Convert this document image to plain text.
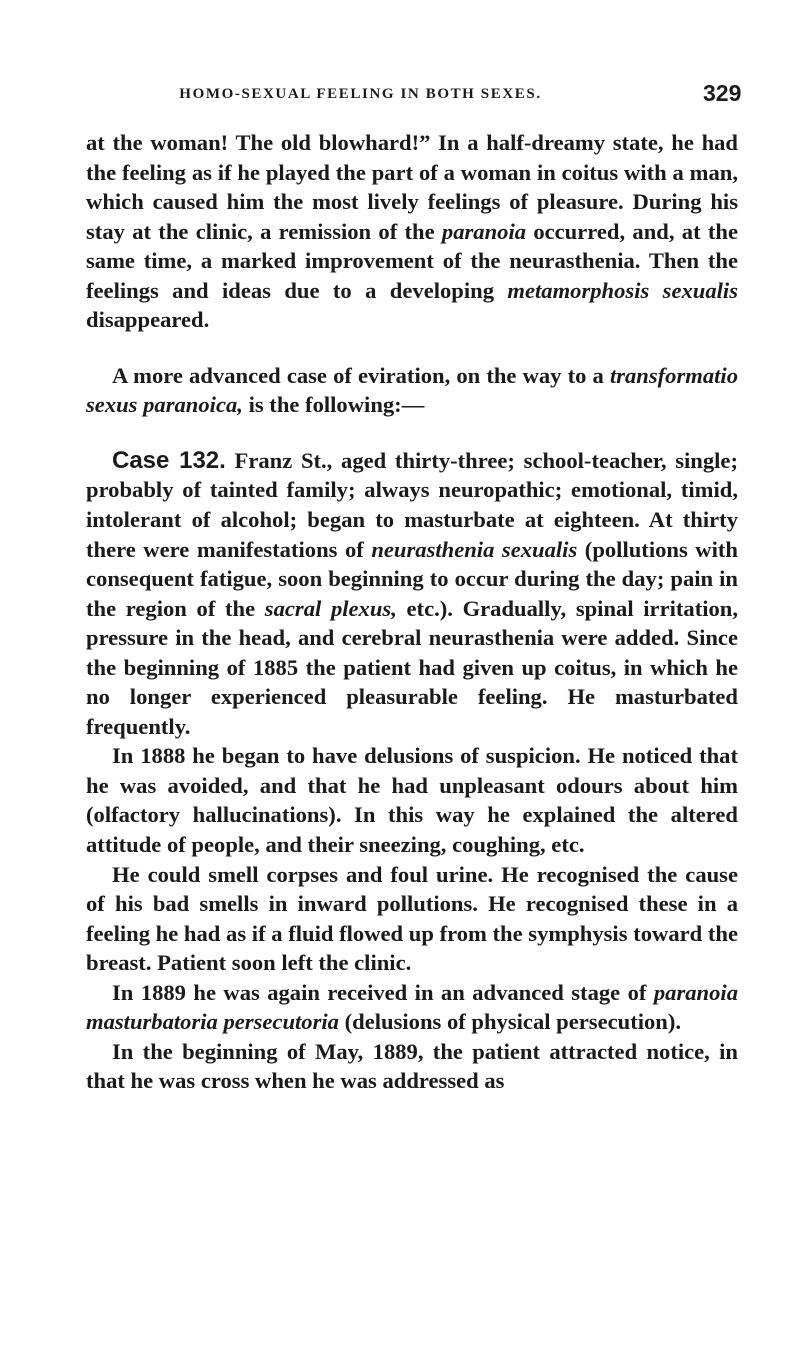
HOMO-SEXUAL FEELING IN BOTH SEXES.	329

at the woman! The old blowhard!” In a half-dreamy state, he had the feeling as if he played the part of a woman in coitus with a man, which caused him the most lively feelings of pleasure. During his stay at the clinic, a remission of the paranoia occurred, and, at the same time, a marked improvement of the neurasthenia. Then the feelings and ideas due to a developing metamorphosis sexualis disappeared.

A more advanced case of eviration, on the way to a transformatio sexus paranoica, is the following:—

Case 132. Franz St., aged thirty-three; school-teacher, single; probably of tainted family; always neuropathic; emotional, timid, intolerant of alcohol; began to masturbate at eighteen. At thirty there were manifestations of neurasthenia sexualis (pollutions with consequent fatigue, soon beginning to occur during the day; pain in the region of the sacral plexus, etc.). Gradually, spinal irritation, pressure in the head, and cerebral neurasthenia were added. Since the beginning of 1885 the patient had given up coitus, in which he no longer experienced pleasurable feeling. He masturbated frequently.

In 1888 he began to have delusions of suspicion. He noticed that he was avoided, and that he had unpleasant odours about him (olfactory hallucinations). In this way he explained the altered attitude of people, and their sneezing, coughing, etc.

He could smell corpses and foul urine. He recognised the cause of his bad smells in inward pollutions. He recognised these in a feeling he had as if a fluid flowed up from the symphysis toward the breast. Patient soon left the clinic.

In 1889 he was again received in an advanced stage of paranoia masturbatoria persecutoria (delusions of physical persecution).

In the beginning of May, 1889, the patient attracted notice, in that he was cross when he was addressed as
